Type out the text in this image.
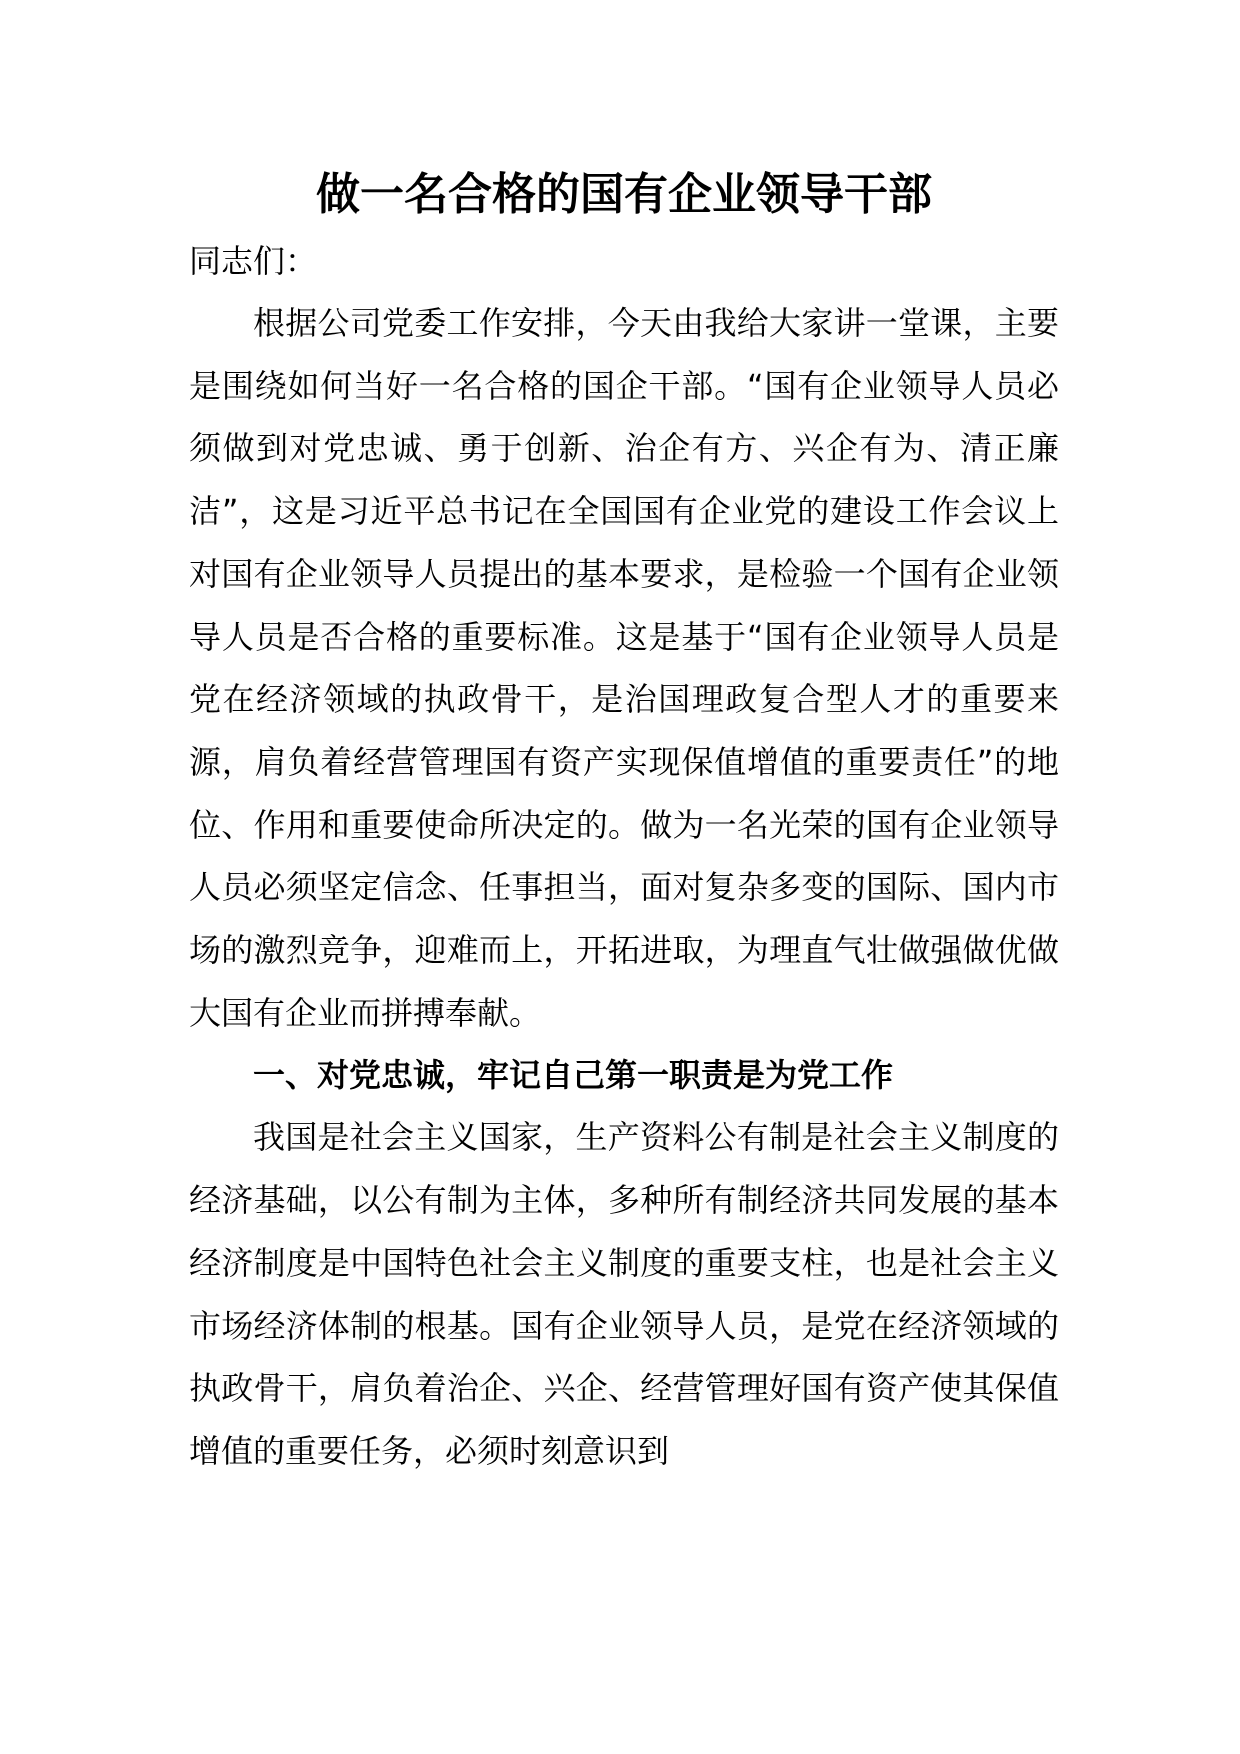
做一名合格的国有企业领导干部

同志们：

根据公司党委工作安排，今天由我给大家讲一堂课，主要是围绕如何当好一名合格的国企干部。“国有企业领导人员必须做到对党忠诚、勇于创新、治企有方、兴企有为、清正廉洁”，这是习近平总书记在全国国有企业党的建设工作会议上对国有企业领导人员提出的基本要求，是检验一个国有企业领导人员是否合格的重要标准。这是基于“国有企业领导人员是党在经济领域的执政骨干，是治国理政复合型人才的重要来源，肩负着经营管理国有资产实现保值增值的重要责任”的地位、作用和重要使命所决定的。做为一名光荣的国有企业领导人员必须坚定信念、任事担当，面对复杂多变的国际、国内市场的激烈竞争，迎难而上，开拓进取，为理直气壮做强做优做大国有企业而拼搏奉献。

一、对党忠诚，牢记自己第一职责是为党工作

我国是社会主义国家，生产资料公有制是社会主义制度的经济基础，以公有制为主体，多种所有制经济共同发展的基本经济制度是中国特色社会主义制度的重要支柱，也是社会主义市场经济体制的根基。国有企业领导人员，是党在经济领域的执政骨干，肩负着治企、兴企、经营管理好国有资产使其保值增值的重要任务，必须时刻意识到
